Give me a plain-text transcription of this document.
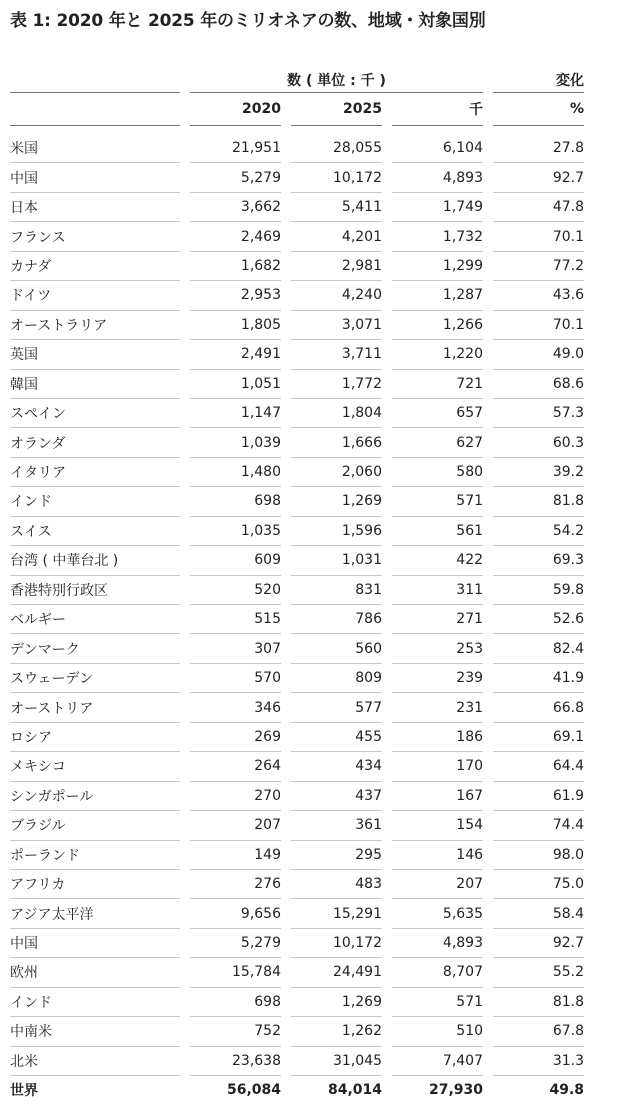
表 1: 2020 年と 2025 年のミリオネアの数、地域・対象国別
		数 ( 単位 : 千 )						変化
		2020		2025		千		%

米国		21,951		28,055		6,104		27.8
中国		5,279		10,172		4,893		92.7
日本		3,662		5,411		1,749		47.8
フランス		2,469		4,201		1,732		70.1
カナダ		1,682		2,981		1,299		77.2
ドイツ		2,953		4,240		1,287		43.6
オーストラリア		1,805		3,071		1,266		70.1
英国		2,491		3,711		1,220		49.0
韓国		1,051		1,772		721		68.6
スペイン		1,147		1,804		657		57.3
オランダ		1,039		1,666		627		60.3
イタリア		1,480		2,060		580		39.2
インド		698		1,269		571		81.8
スイス		1,035		1,596		561		54.2
台湾 ( 中華台北 )		609		1,031		422		69.3
香港特別行政区		520		831		311		59.8
ベルギー		515		786		271		52.6
デンマーク		307		560		253		82.4
スウェーデン		570		809		239		41.9
オーストリア		346		577		231		66.8
ロシア		269		455		186		69.1
メキシコ		264		434		170		64.4
シンガポール		270		437		167		61.9
ブラジル		207		361		154		74.4
ポーランド		149		295		146		98.0
アフリカ		276		483		207		75.0
アジア太平洋		9,656		15,291		5,635		58.4
中国		5,279		10,172		4,893		92.7
欧州		15,784		24,491		8,707		55.2
インド		698		1,269		571		81.8
中南米		752		1,262		510		67.8
北米		23,638		31,045		7,407		31.3
世界		56,084		84,014		27,930		49.8
